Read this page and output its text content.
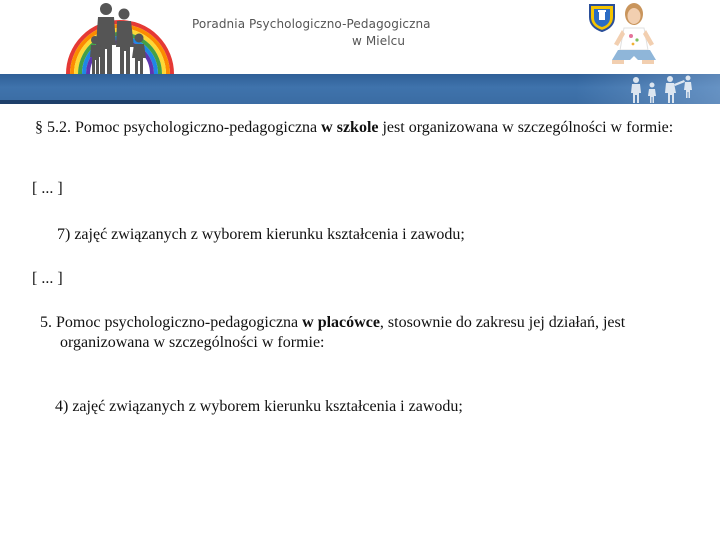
Poradnia Psychologiczno-Pedagogiczna
w Mielcu
§ 5.2. Pomoc psychologiczno-pedagogiczna w szkole jest organizowana w szczególności w formie:
[ ... ]
7) zajęć związanych z wyborem kierunku kształcenia i zawodu;
[ ... ]
5. Pomoc psychologiczno-pedagogiczna w placówce, stosownie do zakresu jej działań, jest
organizowana w szczególności w formie:
4) zajęć związanych z wyborem kierunku kształcenia i zawodu;
